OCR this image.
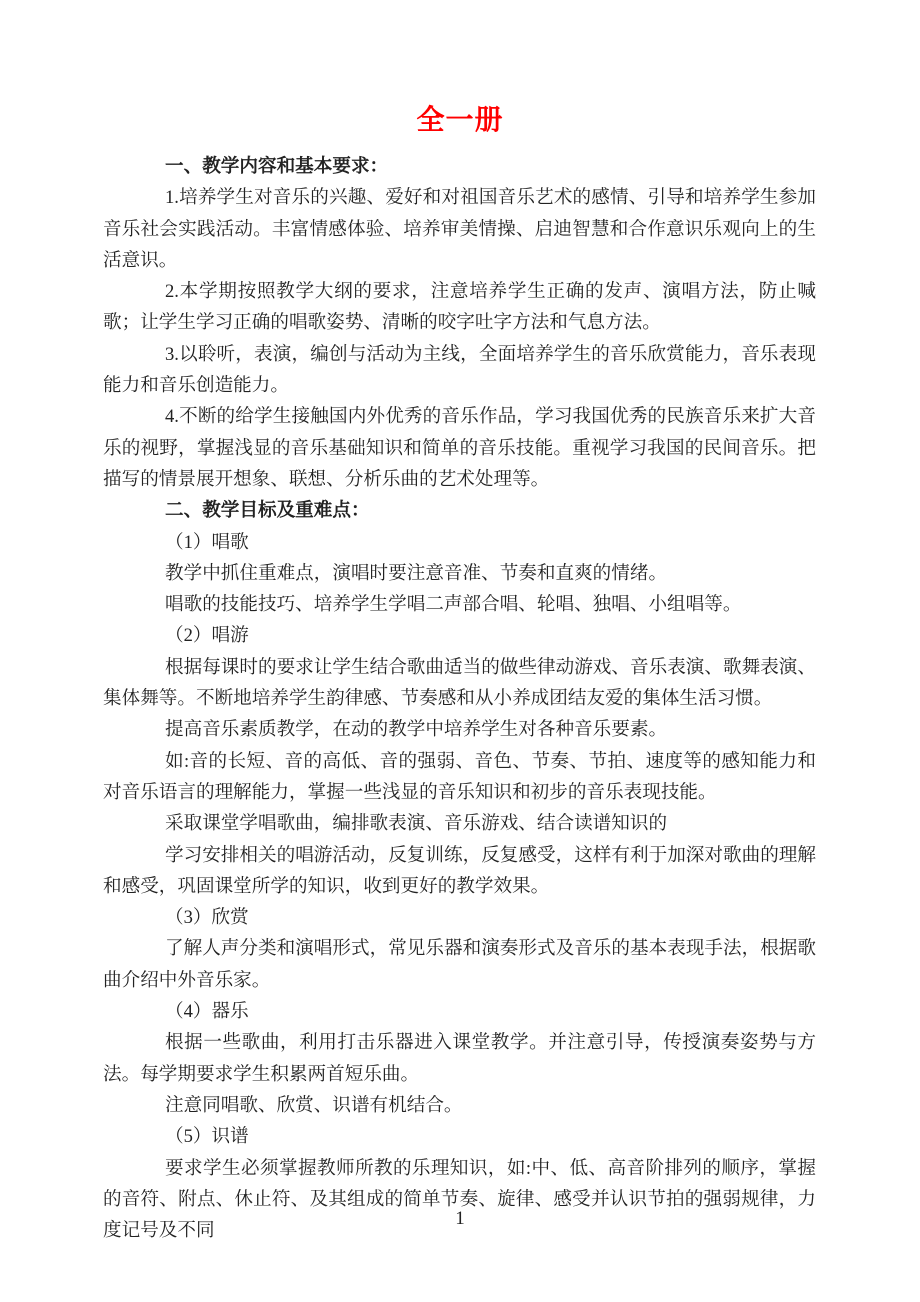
全一册

一、教学内容和基本要求：

1.培养学生对音乐的兴趣、爱好和对祖国音乐艺术的感情、引导和培养学生参加音乐社会实践活动。丰富情感体验、培养审美情操、启迪智慧和合作意识乐观向上的生活意识。

2.本学期按照教学大纲的要求，注意培养学生正确的发声、演唱方法，防止喊歌；让学生学习正确的唱歌姿势、清晰的咬字吐字方法和气息方法。

3.以聆听，表演，编创与活动为主线，全面培养学生的音乐欣赏能力，音乐表现能力和音乐创造能力。

4.不断的给学生接触国内外优秀的音乐作品，学习我国优秀的民族音乐来扩大音乐的视野，掌握浅显的音乐基础知识和简单的音乐技能。重视学习我国的民间音乐。把描写的情景展开想象、联想、分析乐曲的艺术处理等。

二、教学目标及重难点：

（1）唱歌

教学中抓住重难点，演唱时要注意音准、节奏和直爽的情绪。

唱歌的技能技巧、培养学生学唱二声部合唱、轮唱、独唱、小组唱等。

（2）唱游

根据每课时的要求让学生结合歌曲适当的做些律动游戏、音乐表演、歌舞表演、集体舞等。不断地培养学生韵律感、节奏感和从小养成团结友爱的集体生活习惯。

提高音乐素质教学，在动的教学中培养学生对各种音乐要素。

如:音的长短、音的高低、音的强弱、音色、节奏、节拍、速度等的感知能力和对音乐语言的理解能力，掌握一些浅显的音乐知识和初步的音乐表现技能。

采取课堂学唱歌曲，编排歌表演、音乐游戏、结合读谱知识的

学习安排相关的唱游活动，反复训练，反复感受，这样有利于加深对歌曲的理解和感受，巩固课堂所学的知识，收到更好的教学效果。

（3）欣赏

了解人声分类和演唱形式，常见乐器和演奏形式及音乐的基本表现手法，根据歌曲介绍中外音乐家。

（4）器乐

根据一些歌曲，利用打击乐器进入课堂教学。并注意引导，传授演奏姿势与方法。每学期要求学生积累两首短乐曲。

注意同唱歌、欣赏、识谱有机结合。

（5）识谱

要求学生必须掌握教师所教的乐理知识，如:中、低、高音阶排列的顺序，掌握的音符、附点、休止符、及其组成的简单节奏、旋律、感受并认识节拍的强弱规律，力度记号及不同

1
